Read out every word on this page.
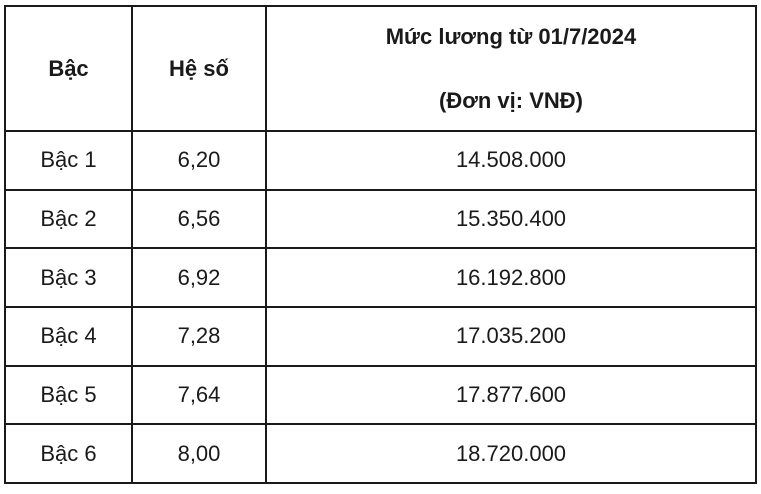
Bậc	Hệ số	Mức lương từ 01/7/2024
(Đơn vị: VNĐ)

Bậc 1	6,20	14.508.000
Bậc 2	6,56	15.350.400
Bậc 3	6,92	16.192.800
Bậc 4	7,28	17.035.200
Bậc 5	7,64	17.877.600
Bậc 6	8,00	18.720.000
